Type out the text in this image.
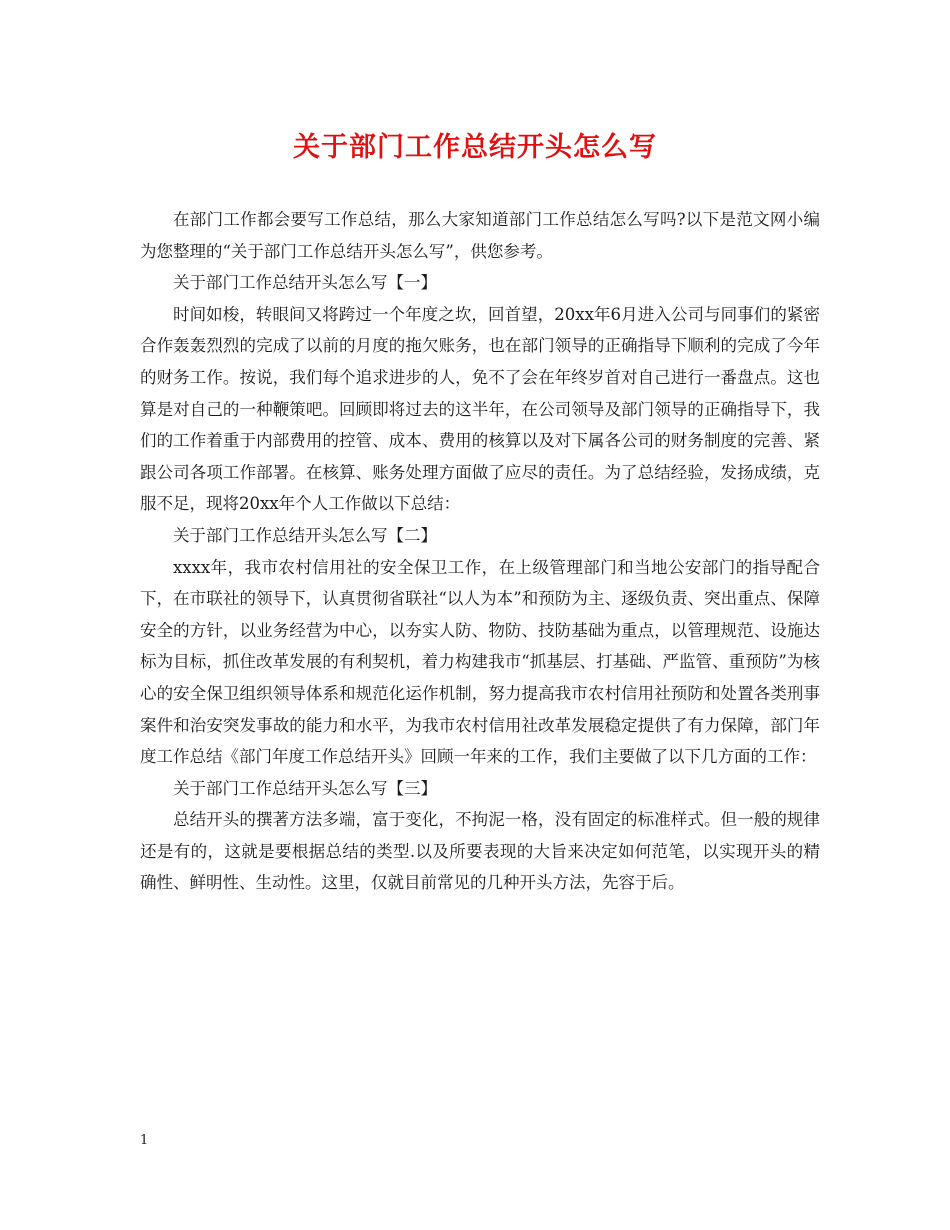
关于部门工作总结开头怎么写

在部门工作都会要写工作总结，那么大家知道部门工作总结怎么写吗?以下是范文网小编为您整理的“关于部门工作总结开头怎么写”，供您参考。

关于部门工作总结开头怎么写【一】

时间如梭，转眼间又将跨过一个年度之坎，回首望，20xx年6月进入公司与同事们的紧密合作轰轰烈烈的完成了以前的月度的拖欠账务，也在部门领导的正确指导下顺利的完成了今年的财务工作。按说，我们每个追求进步的人，免不了会在年终岁首对自己进行一番盘点。这也算是对自己的一种鞭策吧。回顾即将过去的这半年，在公司领导及部门领导的正确指导下，我们的工作着重于内部费用的控管、成本、费用的核算以及对下属各公司的财务制度的完善、紧跟公司各项工作部署。在核算、账务处理方面做了应尽的责任。为了总结经验，发扬成绩，克服不足，现将20xx年个人工作做以下总结：

关于部门工作总结开头怎么写【二】

xxxx年，我市农村信用社的安全保卫工作，在上级管理部门和当地公安部门的指导配合下，在市联社的领导下，认真贯彻省联社“以人为本”和预防为主、逐级负责、突出重点、保障安全的方针，以业务经营为中心，以夯实人防、物防、技防基础为重点，以管理规范、设施达标为目标，抓住改革发展的有利契机，着力构建我市“抓基层、打基础、严监管、重预防”为核心的安全保卫组织领导体系和规范化运作机制，努力提高我市农村信用社预防和处置各类刑事案件和治安突发事故的能力和水平，为我市农村信用社改革发展稳定提供了有力保障，部门年度工作总结《部门年度工作总结开头》回顾一年来的工作，我们主要做了以下几方面的工作：

关于部门工作总结开头怎么写【三】

总结开头的撰著方法多端，富于变化，不拘泥一格，没有固定的标准样式。但一般的规律还是有的，这就是要根据总结的类型.以及所要表现的大旨来决定如何范笔，以实现开头的精确性、鲜明性、生动性。这里，仅就目前常见的几种开头方法，先容于后。

1
